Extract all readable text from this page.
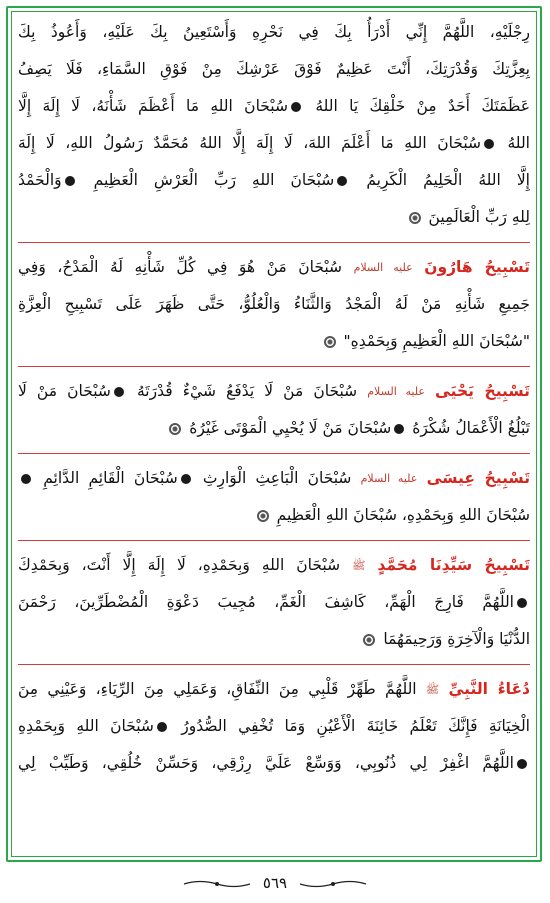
رِجْلَيْهِ، اللَّهُمَّ إِنِّي أَدْرَأُ بِكَ فِي نَحْرِهِ وَأَسْتَعِينُ بِكَ عَلَيْهِ، وَأَعُوذُ بِكَ
بِعِزَّتِكَ وَقُدْرَتِكَ، أَنْتَ عَظِيمٌ فَوْقَ عَرْشِكَ مِنْ فَوْقِ السَّمَاءِ، فَلَا يَصِفُ
عَظَمَتَكَ أَحَدٌ مِنْ خَلْقِكَ يَا اللهُ سُبْحَانَ اللهِ مَا أَعْظَمَ شَأْنَهُ، لَا إِلَهَ إِلَّا
اللهُ سُبْحَانَ اللهِ مَا أَعْلَمَ اللهَ، لَا إِلَهَ إِلَّا اللهُ مُحَمَّدٌ رَسُولُ اللهِ، لَا إِلَهَ
إِلَّا اللهُ الْحَلِيمُ الْكَرِيمُ سُبْحَانَ اللهِ رَبِّ الْعَرْشِ الْعَظِيمِ وَالْحَمْدُ
لِلهِ رَبِّ الْعَالَمِينَ
تَسْبِيحُ هَارُونَ عليه السلام سُبْحَانَ مَنْ هُوَ فِي كُلِّ شَأْنِهِ لَهُ الْمَدْحُ، وَفِي
جَمِيعِ شَأْنِهِ مَنْ لَهُ الْمَجْدُ وَالثَّنَاءُ وَالْعُلُوُّ، حَتَّى ظَهَرَ عَلَى تَسْبِيحِ الْعِزَّةِ
"سُبْحَانَ اللهِ الْعَظِيمِ وَبِحَمْدِهِ"
تَسْبِيحُ يَحْيَى عليه السلام سُبْحَانَ مَنْ لَا يَدْفَعُ شَيْءٌ قُدْرَتَهُ سُبْحَانَ مَنْ لَا
تَبْلُغُ الْأَعْمَالُ شُكْرَهُ سُبْحَانَ مَنْ لَا يُحْيِي الْمَوْتَى غَيْرُهُ
تَسْبِيحُ عِيسَى عليه السلام سُبْحَانَ الْبَاعِثِ الْوَارِثِ سُبْحَانَ الْقَائِمِ الدَّائِمِ
سُبْحَانَ اللهِ وَبِحَمْدِهِ، سُبْحَانَ اللهِ الْعَظِيمِ
تَسْبِيحُ سَيِّدِنَا مُحَمَّدٍ ﷺ سُبْحَانَ اللهِ وَبِحَمْدِهِ، لَا إِلَهَ إِلَّا أَنْتَ، وَبِحَمْدِكَ
اللَّهُمَّ فَارِجَ الْهَمِّ، كَاشِفَ الْغَمِّ، مُجِيبَ دَعْوَةِ الْمُضْطَرِّينَ، رَحْمَنَ
الدُّنْيَا وَالْآخِرَةِ وَرَحِيمَهُمَا
دُعَاءُ النَّبِيِّ ﷺ اللَّهُمَّ طَهِّرْ قَلْبِي مِنَ النِّفَاقِ، وَعَمَلِي مِنَ الرِّيَاءِ، وَعَيْنِي مِنَ
الْخِيَانَةِ فَإِنَّكَ تَعْلَمُ خَائِنَةَ الْأَعْيُنِ وَمَا تُخْفِي الصُّدُورُ سُبْحَانَ اللهِ وَبِحَمْدِهِ
اللَّهُمَّ اغْفِرْ لِي ذُنُوبِي، وَوَسِّعْ عَلَيَّ رِزْقِي، وَحَسِّنْ خُلُقِي، وَطَيِّبْ لِي
٥٦٩
